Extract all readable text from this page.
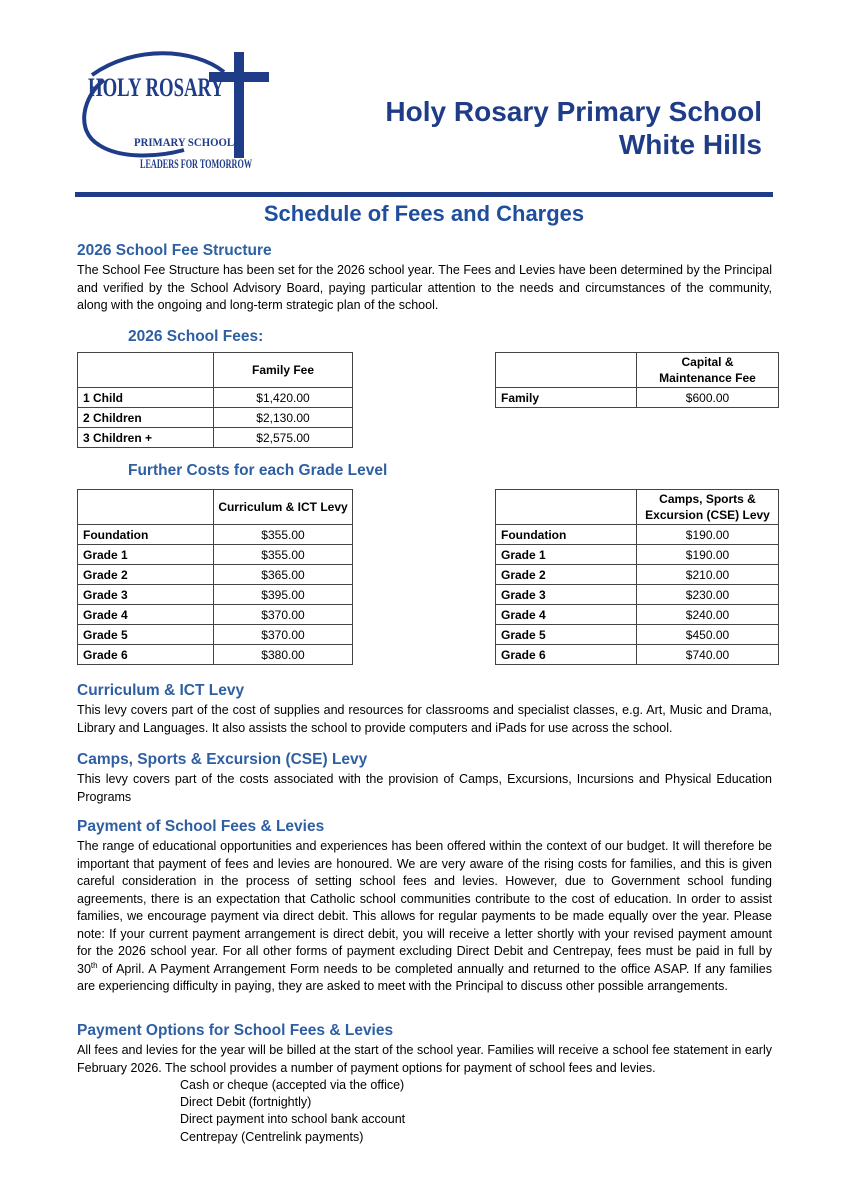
HOLY ROSARY
PRIMARY SCHOOL
LEADERS FOR TOMORROW
Holy Rosary Primary School
White Hills
Schedule of Fees and Charges
2026 School Fee Structure
The School Fee Structure has been set for the 2026 school year. The Fees and Levies have been determined by the Principal and verified by the School Advisory Board, paying particular attention to the needs and circumstances of the community, along with the ongoing and long-term strategic plan of the school.
2026 School Fees:
	Family Fee
1 Child	$1,420.00
2 Children	$2,130.00
3 Children +	$2,575.00
	Capital &
Maintenance Fee
Family	$600.00
Further Costs for each Grade Level
	Curriculum & ICT Levy
Foundation	$355.00
Grade 1	$355.00
Grade 2	$365.00
Grade 3	$395.00
Grade 4	$370.00
Grade 5	$370.00
Grade 6	$380.00
	Camps, Sports &
Excursion (CSE) Levy
Foundation	$190.00
Grade 1	$190.00
Grade 2	$210.00
Grade 3	$230.00
Grade 4	$240.00
Grade 5	$450.00
Grade 6	$740.00
Curriculum & ICT Levy
This levy covers part of the cost of supplies and resources for classrooms and specialist classes, e.g. Art, Music and Drama, Library and Languages. It also assists the school to provide computers and iPads for use across the school.
Camps, Sports & Excursion (CSE) Levy
This levy covers part of the costs associated with the provision of Camps, Excursions, Incursions and Physical Education Programs
Payment of School Fees & Levies
The range of educational opportunities and experiences has been offered within the context of our budget. It will therefore be important that payment of fees and levies are honoured. We are very aware of the rising costs for families, and this is given careful consideration in the process of setting school fees and levies. However, due to Government school funding agreements, there is an expectation that Catholic school communities contribute to the cost of education. In order to assist families, we encourage payment via direct debit. This allows for regular payments to be made equally over the year. Please note: If your current payment arrangement is direct debit, you will receive a letter shortly with your revised payment amount for the 2026 school year. For all other forms of payment excluding Direct Debit and Centrepay, fees must be paid in full by 30th of April. A Payment Arrangement Form needs to be completed annually and returned to the office ASAP. If any families are experiencing difficulty in paying, they are asked to meet with the Principal to discuss other possible arrangements.
Payment Options for School Fees & Levies
All fees and levies for the year will be billed at the start of the school year. Families will receive a school fee statement in early February 2026. The school provides a number of payment options for payment of school fees and levies.
Cash or cheque (accepted via the office)
Direct Debit (fortnightly)
Direct payment into school bank account
Centrepay (Centrelink payments)
